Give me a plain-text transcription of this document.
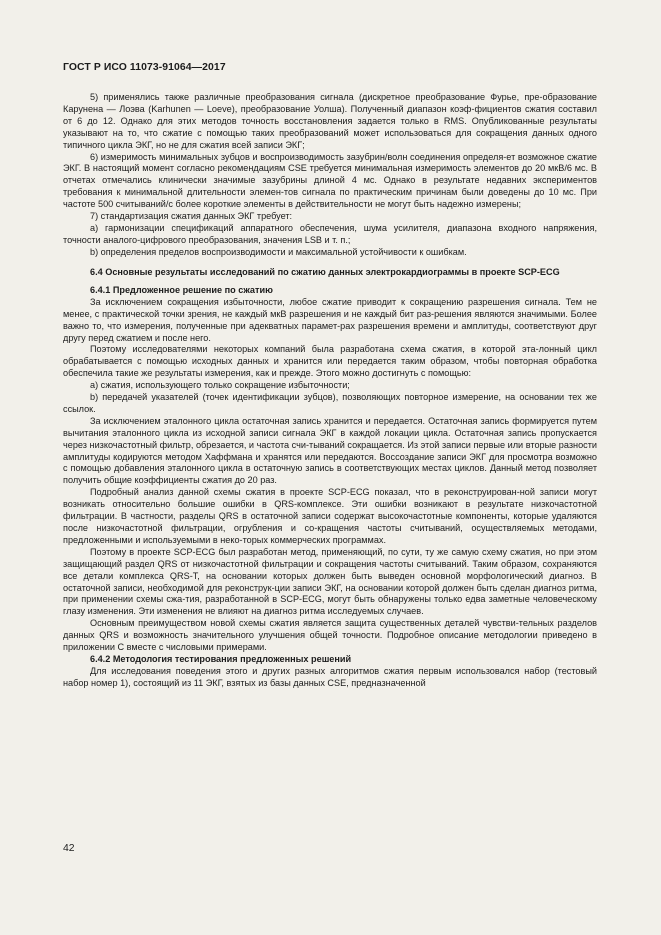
ГОСТ Р ИСО 11073-91064—2017

5) применялись также различные преобразования сигнала (дискретное преобразование Фурье, пре-образование Карунена — Лоэва (Karhunen — Loeve), преобразование Уолша). Полученный диапазон коэф-фициентов сжатия составил от 6 до 12. Однако для этих методов точность восстановления задается только в RMS. Опубликованные результаты указывают на то, что сжатие с помощью таких преобразований может использоваться для сокращения данных одного типичного цикла ЭКГ, но не для сжатия всей записи ЭКГ;

6) измеримость минимальных зубцов и воспроизводимость зазубрин/волн соединения определя-ет возможное сжатие ЭКГ. В настоящий момент согласно рекомендациям CSE требуется минимальная измеримость элементов до 20 мкВ/6 мс. В отчетах отмечались клинически значимые зазубрины длиной 4 мс. Однако в результате недавних экспериментов требования к минимальной длительности элемен-тов сигнала по практическим причинам были доведены до 10 мс. При частоте 500 считываний/с более короткие элементы в действительности не могут быть надежно измерены;

7) стандартизация сжатия данных ЭКГ требует:

a) гармонизации спецификаций аппаратного обеспечения, шума усилителя, диапазона входного напряжения, точности аналого-цифрового преобразования, значения LSB и т. п.;

b) определения пределов воспроизводимости и максимальной устойчивости к ошибкам.

6.4 Основные результаты исследований по сжатию данных электрокардиограммы в проекте SCP-ECG

6.4.1 Предложенное решение по сжатию

За исключением сокращения избыточности, любое сжатие приводит к сокращению разрешения сигнала. Тем не менее, с практической точки зрения, не каждый мкВ разрешения и не каждый бит раз-решения являются значимыми. Более важно то, что измерения, полученные при адекватных парамет-рах разрешения времени и амплитуды, соответствуют друг другу перед сжатием и после него.

Поэтому исследователями некоторых компаний была разработана схема сжатия, в которой эта-лонный цикл обрабатывается с помощью исходных данных и хранится или передается таким образом, чтобы повторная обработка обеспечила такие же результаты измерения, как и прежде. Этого можно достигнуть с помощью:

a) сжатия, использующего только сокращение избыточности;

b) передачей указателей (точек идентификации зубцов), позволяющих повторное измерение, на основании тех же ссылок.

За исключением эталонного цикла остаточная запись хранится и передается. Остаточная запись формируется путем вычитания эталонного цикла из исходной записи сигнала ЭКГ в каждой локации цикла. Остаточная запись пропускается через низкочастотный фильтр, обрезается, и частота счи-тываний сокращается. Из этой записи первые или вторые разности амплитуды кодируются методом Хаффмана и хранятся или передаются. Воссоздание записи ЭКГ для просмотра возможно с помощью добавления эталонного цикла в остаточную запись в соответствующих местах циклов. Данный метод позволяет получить общие коэффициенты сжатия до 20 раз.

Подробный анализ данной схемы сжатия в проекте SCP-ECG показал, что в реконструирован-ной записи могут возникать относительно большие ошибки в QRS-комплексе. Эти ошибки возникают в результате низкочастотной фильтрации. В частности, разделы QRS в остаточной записи содержат высокочастотные компоненты, которые удаляются после низкочастотной фильтрации, огрубления и со-кращения частоты считываний, осуществляемых методами, предложенными и используемыми в неко-торых коммерческих программах.

Поэтому в проекте SCP-ECG был разработан метод, применяющий, по сути, ту же самую схему сжатия, но при этом защищающий раздел QRS от низкочастотной фильтрации и сокращения частоты считываний. Таким образом, сохраняются все детали комплекса QRS-T, на основании которых должен быть выведен основной морфологический диагноз. В остаточной записи, необходимой для реконструк-ции записи ЭКГ, на основании которой должен быть сделан диагноз ритма, при применении схемы сжа-тия, разработанной в SCP-ECG, могут быть обнаружены только едва заметные человеческому глазу изменения. Эти изменения не влияют на диагноз ритма исследуемых случаев.

Основным преимуществом новой схемы сжатия является защита существенных деталей чувстви-тельных разделов данных QRS и возможность значительного улучшения общей точности. Подробное описание методологии приведено в приложении C вместе с числовыми примерами.

6.4.2 Методология тестирования предложенных решений

Для исследования поведения этого и других разных алгоритмов сжатия первым использовался набор (тестовый набор номер 1), состоящий из 11 ЭКГ, взятых из базы данных CSE, предназначенной

42
